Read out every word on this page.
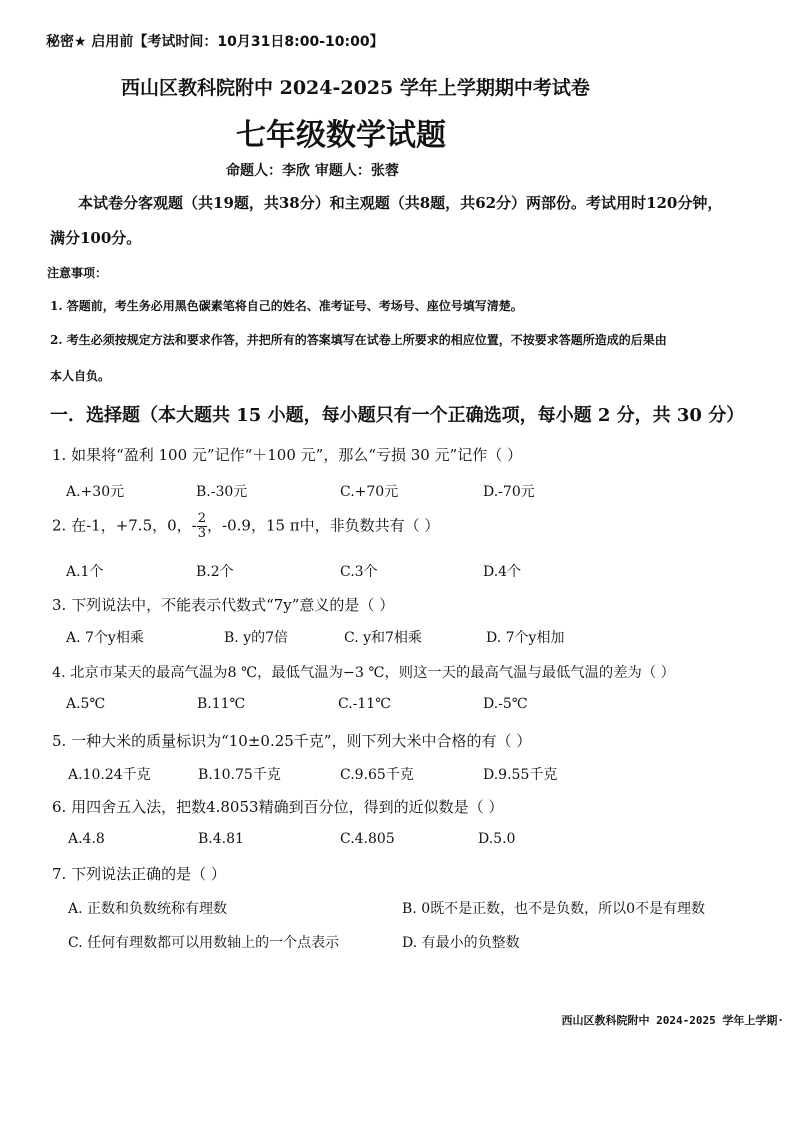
秘密★ 启用前【考试时间：10月31日8:00-10:00】
西山区教科院附中 2024-2025 学年上学期期中考试卷
七年级数学试题
命题人：李欣 审题人：张蓉
本试卷分客观题（共19题，共38分）和主观题（共8题，共62分）两部份。考试用时120分钟，
满分100分。
注意事项：
1. 答题前，考生务必用黑色碳素笔将自己的姓名、准考证号、考场号、座位号填写清楚。
2. 考生必须按规定方法和要求作答，并把所有的答案填写在试卷上所要求的相应位置，不按要求答题所造成的后果由
本人自负。
一．选择题（本大题共 15 小题，每小题只有一个正确选项，每小题 2 分，共 30 分）
1. 如果将“盈利 100 元”记作“＋100 元”，那么“亏损 30 元”记作（ ）
A.+30元	B.-30元	C.+70元	D.-70元
2. 在-1，+7.5，0，- $\frac{2}{3}$ ，-0.9，15 π中，非负数共有（ ）
A.1个	B.2个	C.3个	D.4个
3. 下列说法中，不能表示代数式“7y”意义的是（ ）
A. 7个y相乘	B. y的7倍	C. y和7相乘	D. 7个y相加
4. 北京市某天的最高气温为8 ℃，最低气温为−3 ℃，则这一天的最高气温与最低气温的差为（ ）
A.5℃	B.11℃	C.-11℃	D.-5℃
5. 一种大米的质量标识为“10±0.25千克”，则下列大米中合格的有（ ）
A.10.24千克	B.10.75千克	C.9.65千克	D.9.55千克
6. 用四舍五入法，把数4.8053精确到百分位，得到的近似数是（ ）
A.4.8	B.4.81	C.4.805	D.5.0
7. 下列说法正确的是（ ）
A. 正数和负数统称有理数	B. 0既不是正数，也不是负数，所以0不是有理数
C. 任何有理数都可以用数轴上的一个点表示	D. 有最小的负整数
西山区教科院附中 2024-2025 学年上学期·
